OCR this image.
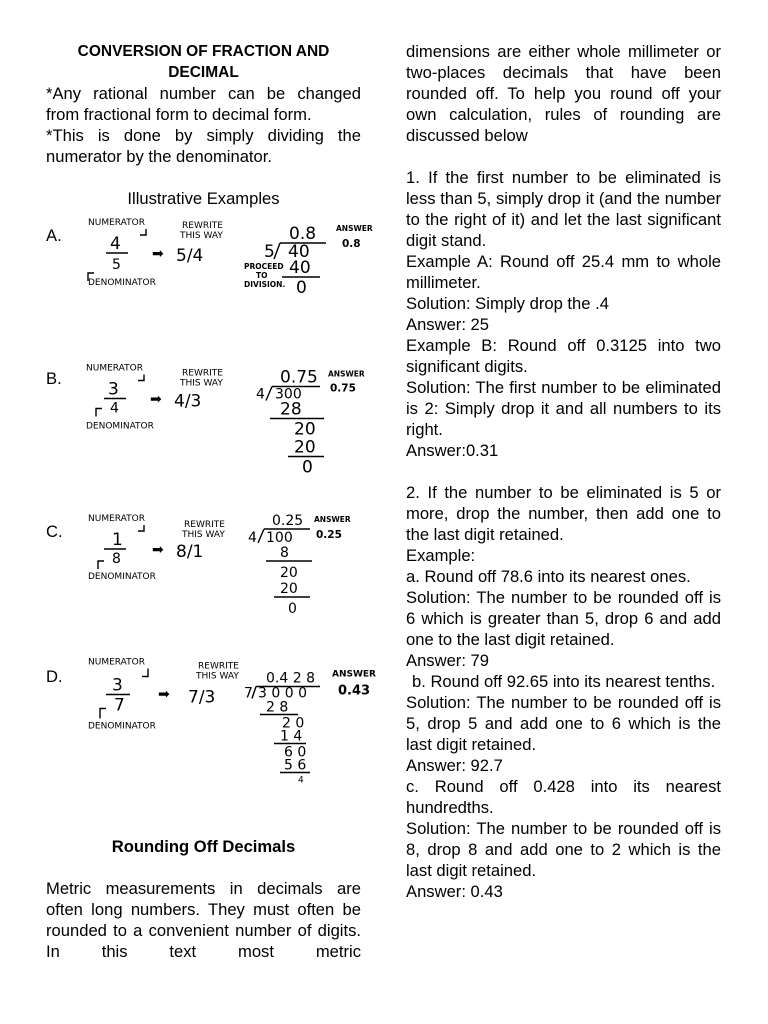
CONVERSION OF FRACTION AND
DECIMAL
*Any rational number can be changed from fractional form to decimal form.
*This is done by simply dividing the numerator by the denominator.
Illustrative Examples
A.
NUMERATOR
4
5
DENOMINATOR
REWRITE
THIS WAY
➡ 5/4
0.8
5 40
40
0
PROCEED
TO
DIVISION.
ANSWER
0.8
B.
NUMERATOR
3
4
DENOMINATOR
REWRITE
THIS WAY
➡ 4/3
0.75
4 300
28
20
20
0
ANSWER
0.75
C.
NUMERATOR
1
8
DENOMINATOR
REWRITE
THIS WAY
➡ 8/1
0.25
4 100
8
20
20
0
ANSWER
0.25
D.
NUMERATOR
3
7
DENOMINATOR
REWRITE
THIS WAY
➡ 7/3
0.4 2 8
7 3 0 0 0
2 8
2 0
1 4
6 0
5 6
4
ANSWER
0.43
Rounding Off Decimals
Metric measurements in decimals are often long numbers. They must often be rounded to a convenient number of digits. In this text most metric
dimensions are either whole millimeter or two-places decimals that have been rounded off. To help you round off your own calculation, rules of rounding are discussed below
1. If the first number to be eliminated is less than 5, simply drop it (and the number to the right of it) and let the last significant digit stand.
Example A: Round off 25.4 mm to whole millimeter.
Solution: Simply drop the .4
Answer: 25
Example B: Round off 0.3125 into two significant digits.
Solution: The first number to be eliminated is 2: Simply drop it and all numbers to its right.
Answer:0.31
2. If the number to be eliminated is 5 or more, drop the number, then add one to the last digit retained.
Example:
a. Round off 78.6 into its nearest ones.
Solution: The number to be rounded off is 6 which is greater than 5, drop 6 and add one to the last digit retained.
Answer: 79
b. Round off 92.65 into its nearest tenths.
Solution: The number to be rounded off is 5, drop 5 and add one to 6 which is the last digit retained.
Answer: 92.7
c. Round off 0.428 into its nearest hundredths.
Solution: The number to be rounded off is 8, drop 8 and add one to 2 which is the last digit retained.
Answer: 0.43
